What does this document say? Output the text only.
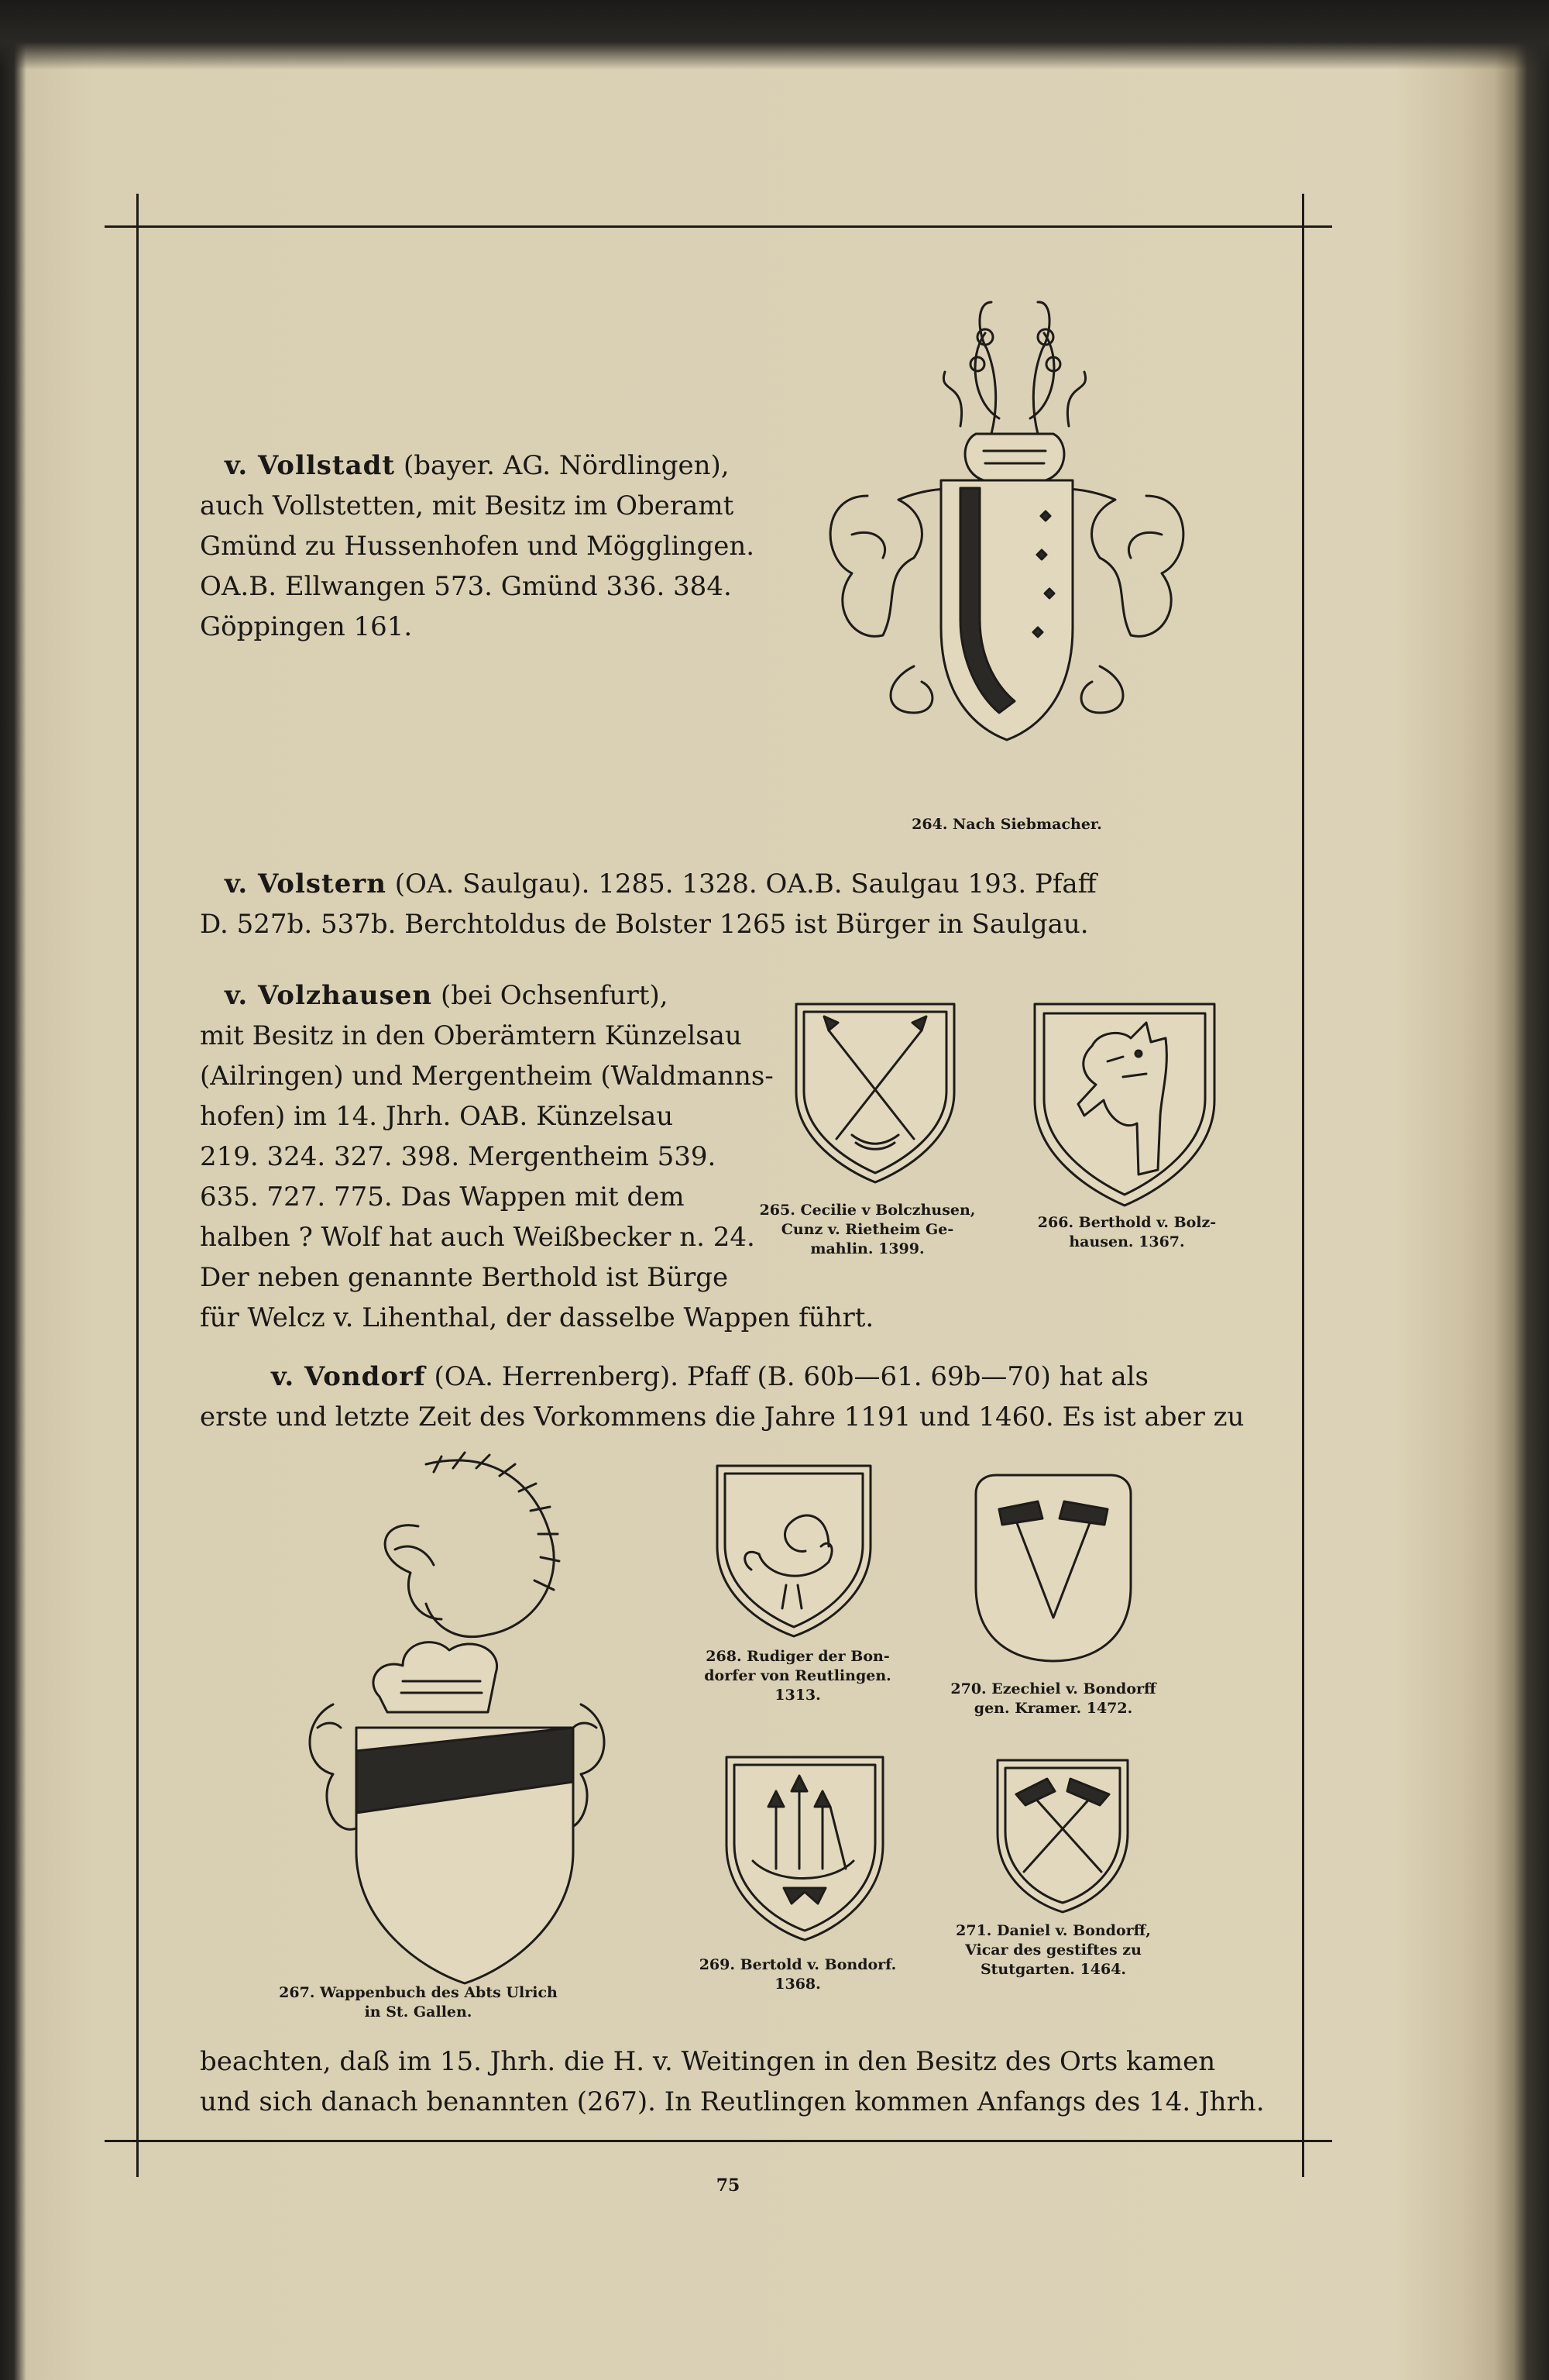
v. Vollstadt (bayer. AG. Nördlingen),
auch Vollstetten, mit Besitz im Oberamt
Gmünd zu Hussenhofen und Mögglingen.
OA.B. Ellwangen 573. Gmünd 336. 384.
Göppingen 161.
264. Nach Siebmacher.
v. Volstern (OA. Saulgau). 1285. 1328. OA.B. Saulgau 193. Pfaff
D. 527b. 537b. Berchtoldus de Bolster 1265 ist Bürger in Saulgau.
v. Volzhausen (bei Ochsenfurt),
mit Besitz in den Oberämtern Künzelsau
(Ailringen) und Mergentheim (Waldmanns-
hofen) im 14. Jhrh. OAB. Künzelsau
219. 324. 327. 398. Mergentheim 539.
635. 727. 775. Das Wappen mit dem
halben ? Wolf hat auch Weißbecker n. 24.
Der neben genannte Berthold ist Bürge
für Welcz v. Lihenthal, der dasselbe Wappen führt.
265. Cecilie v Bolczhusen,
Cunz v. Rietheim Ge-
mahlin. 1399.
266. Berthold v. Bolz-
hausen. 1367.
v. Vondorf (OA. Herrenberg). Pfaff (B. 60b—61. 69b—70) hat als
erste und letzte Zeit des Vorkommens die Jahre 1191 und 1460. Es ist aber zu
267. Wappenbuch des Abts Ulrich
in St. Gallen.
268. Rudiger der Bon-
dorfer von Reutlingen.
1313.	270. Ezechiel v. Bondorff
gen. Kramer. 1472.
269. Bertold v. Bondorf.
1368.
271. Daniel v. Bondorff,
Vicar des gestiftes zu
Stutgarten. 1464.
beachten, daß im 15. Jhrh. die H. v. Weitingen in den Besitz des Orts kamen
und sich danach benannten (267). In Reutlingen kommen Anfangs des 14. Jhrh.
75
